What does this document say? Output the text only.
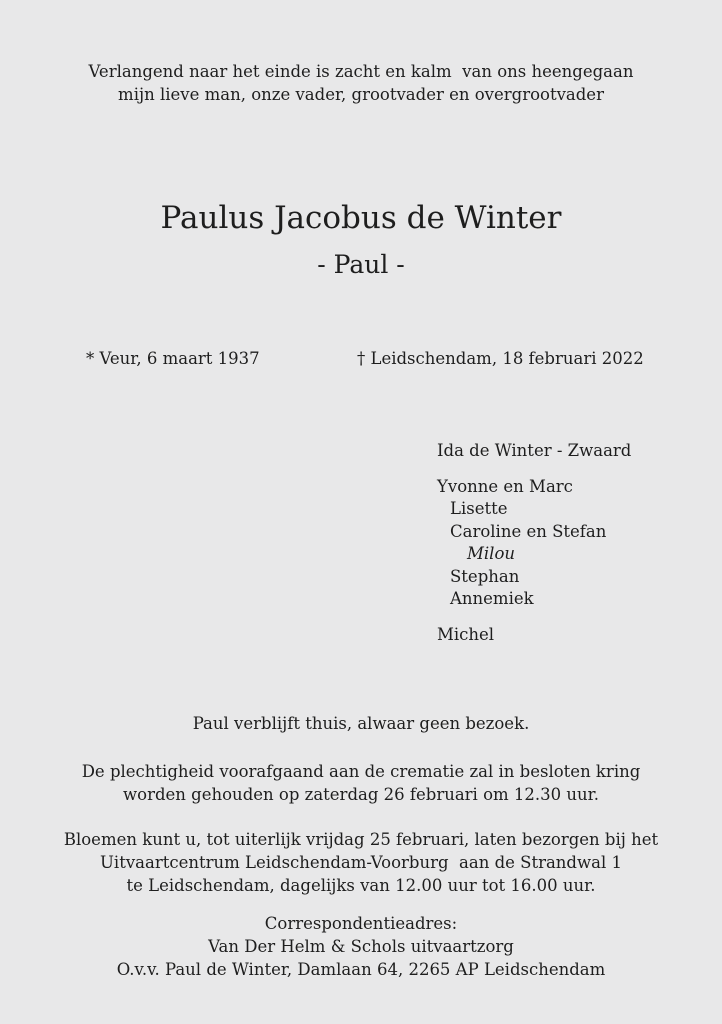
Verlangend naar het einde is zacht en kalm  van ons heengegaan
mijn lieve man, onze vader, grootvader en overgrootvader
Paulus Jacobus de Winter
- Paul -
* Veur, 6 maart 1937	† Leidschendam, 18 februari 2022
Ida de Winter - Zwaard
Yvonne en Marc
Lisette
Caroline en Stefan
Milou
Stephan
Annemiek
Michel
Paul verblijft thuis, alwaar geen bezoek.
De plechtigheid voorafgaand aan de crematie zal in besloten kring
worden gehouden op zaterdag 26 februari om 12.30 uur.
Bloemen kunt u, tot uiterlijk vrijdag 25 februari, laten bezorgen bij het
Uitvaartcentrum Leidschendam-Voorburg  aan de Strandwal 1
te Leidschendam, dagelijks van 12.00 uur tot 16.00 uur.
Correspondentieadres:
Van Der Helm & Schols uitvaartzorg
O.v.v. Paul de Winter, Damlaan 64, 2265 AP Leidschendam
